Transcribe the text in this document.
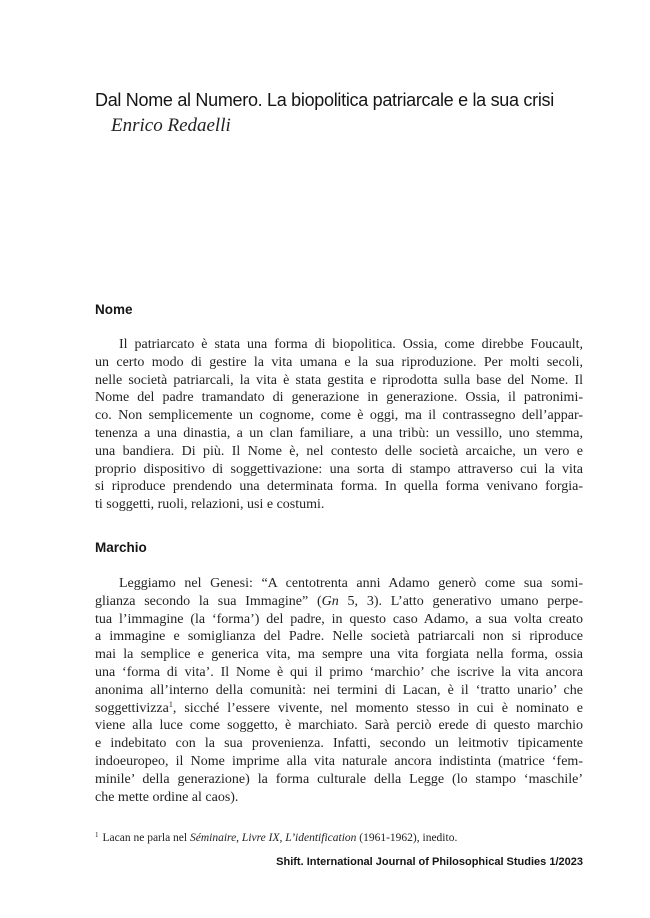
Dal Nome al Numero. La biopolitica patriarcale e la sua crisi
Enrico Redaelli
Nome

Il patriarcato è stata una forma di biopolitica. Ossia, come direbbe Foucault,
un certo modo di gestire la vita umana e la sua riproduzione. Per molti secoli,
nelle società patriarcali, la vita è stata gestita e riprodotta sulla base del Nome. Il
Nome del padre tramandato di generazione in generazione. Ossia, il patronimi-
co. Non semplicemente un cognome, come è oggi, ma il contrassegno dell’appar-
tenenza a una dinastia, a un clan familiare, a una tribù: un vessillo, uno stemma,
una bandiera. Di più. Il Nome è, nel contesto delle società arcaiche, un vero e
proprio dispositivo di soggettivazione: una sorta di stampo attraverso cui la vita
si riproduce prendendo una determinata forma. In quella forma venivano forgia-
ti soggetti, ruoli, relazioni, usi e costumi.

Marchio

Leggiamo nel Genesi: “A centotrenta anni Adamo generò come sua somi-
glianza secondo la sua Immagine” (Gn 5, 3). L’atto generativo umano perpe-
tua l’immagine (la ‘forma’) del padre, in questo caso Adamo, a sua volta creato
a immagine e somiglianza del Padre. Nelle società patriarcali non si riproduce
mai la semplice e generica vita, ma sempre una vita forgiata nella forma, ossia
una ‘forma di vita’. Il Nome è qui il primo ‘marchio’ che iscrive la vita ancora
anonima all’interno della comunità: nei termini di Lacan, è il ‘tratto unario’ che
soggettivizza$^1$, sicché l’essere vivente, nel momento stesso in cui è nominato e
viene alla luce come soggetto, è marchiato. Sarà perciò erede di questo marchio
e indebitato con la sua provenienza. Infatti, secondo un leitmotiv tipicamente
indoeuropeo, il Nome imprime alla vita naturale ancora indistinta (matrice ‘fem-
minile’ della generazione) la forma culturale della Legge (lo stampo ‘maschile’
che mette ordine al caos).

$^1$ Lacan ne parla nel Séminaire, Livre IX, L’identification (1961-1962), inedito.
Shift. International Journal of Philosophical Studies 1/2023
